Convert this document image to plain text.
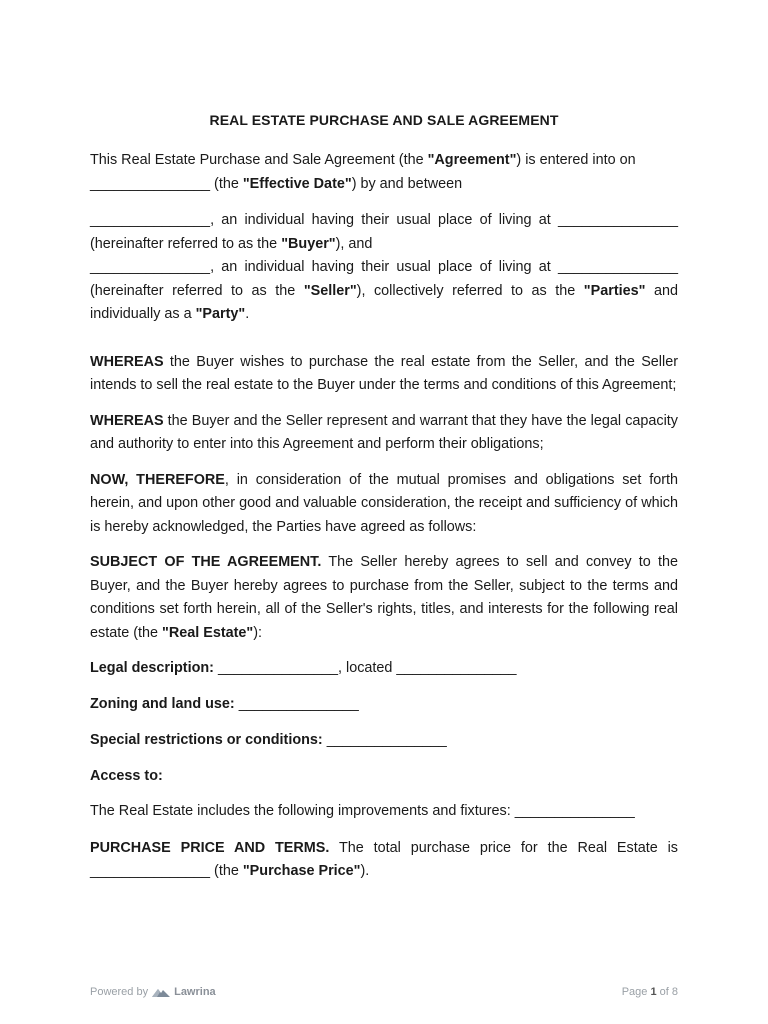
REAL ESTATE PURCHASE AND SALE AGREEMENT

This Real Estate Purchase and Sale Agreement (the "Agreement") is entered into on
_______________ (the "Effective Date") by and between

_______________, an individual having their usual place of living at _______________
(hereinafter referred to as the "Buyer"), and
_______________, an individual having their usual place of living at _______________
(hereinafter referred to as the "Seller"), collectively referred to as the "Parties" and
individually as a "Party".

WHEREAS the Buyer wishes to purchase the real estate from the Seller, and the Seller intends to sell the real estate to the Buyer under the terms and conditions of this Agreement;

WHEREAS the Buyer and the Seller represent and warrant that they have the legal capacity and authority to enter into this Agreement and perform their obligations;

NOW, THEREFORE, in consideration of the mutual promises and obligations set forth herein, and upon other good and valuable consideration, the receipt and sufficiency of which is hereby acknowledged, the Parties have agreed as follows:

SUBJECT OF THE AGREEMENT. The Seller hereby agrees to sell and convey to the Buyer, and the Buyer hereby agrees to purchase from the Seller, subject to the terms and conditions set forth herein, all of the Seller's rights, titles, and interests for the following real estate (the "Real Estate"):

Legal description: _______________, located _______________

Zoning and land use: _______________

Special restrictions or conditions: _______________

Access to:

The Real Estate includes the following improvements and fixtures: _______________

PURCHASE PRICE AND TERMS. The total purchase price for the Real Estate is _______________ (the "Purchase Price").

Powered by Lawrina	Page 1 of 8
